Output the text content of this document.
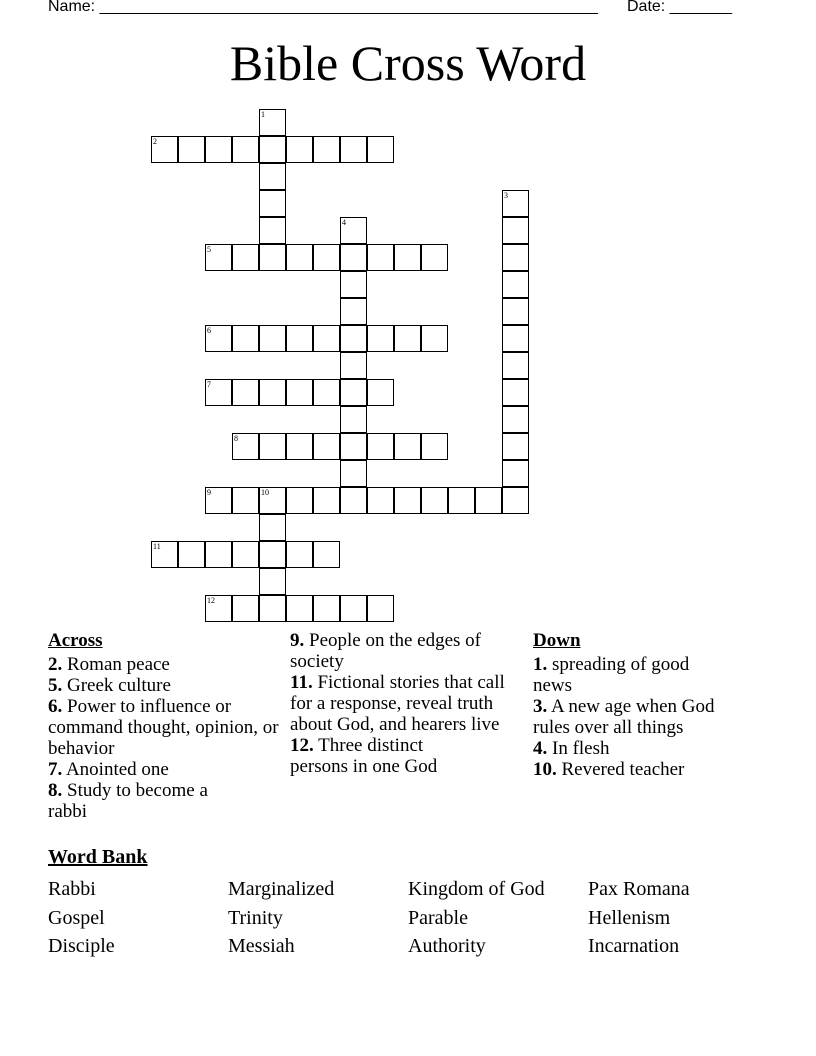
Name: ________________________________________________________ Date: _______
Bible Cross Word
1
2
3
4
5
6
7
8
9	10
11
12
Across
2. Roman peace
5. Greek culture
6. Power to influence or command thought, opinion, or behavior
7. Anointed one
8. Study to become a rabbi
9. People on the edges of society
11. Fictional stories that call for a response, reveal truth about God, and hearers live
12. Three distinct persons in one God
Down
1. spreading of good news
3. A new age when God rules over all things
4. In flesh
10. Revered teacher
Word Bank
Rabbi	Marginalized	Kingdom of God	Pax Romana
Gospel	Trinity	Parable	Hellenism
Disciple	Messiah	Authority	Incarnation
